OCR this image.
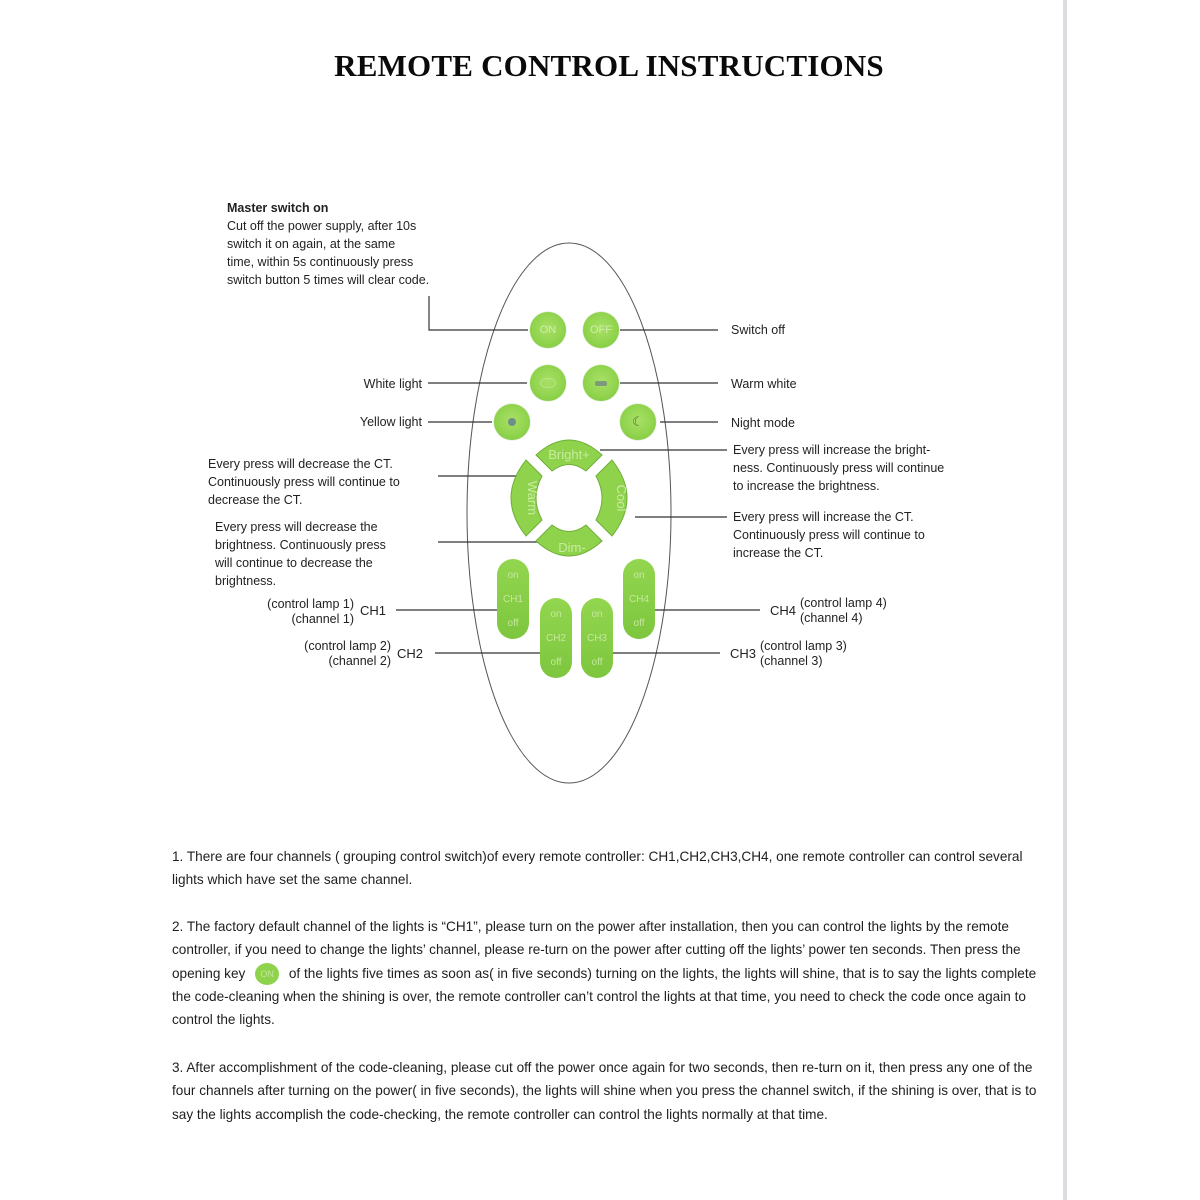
REMOTE CONTROL INSTRUCTIONS
Bright+
Dim-
Warm	Cool
Master switch on
Cut off the power supply, after 10s
switch it on again, at the same
time, within 5s continuously press
switch button 5 times will clear code.
ON	OFF
☾
on
CH1
off
on
CH2
off
on
CH3
off
on
CH4
off
Switch off
Warm white
Night mode
Every press will increase the bright-
ness. Continuously press will continue
to increase the brightness.
Every press will increase the CT.
Continuously press will continue to
increase the CT.
White light
Yellow light
Every press will decrease the CT.
Continuously press will continue to
decrease the CT.
Every press will decrease the
brightness. Continuously press
will continue to decrease the
brightness.
(control lamp 1)
(channel 1)
CH1
(control lamp 2)
(channel 2) CH2	CH3 (control lamp 3)
(channel 3)
CH4 (control lamp 4)
(channel 4)
1. There are four channels ( grouping control switch)of every remote controller: CH1,CH2,CH3,CH4, one remote controller can control several lights which have set the same channel.
2. The factory default channel of the lights is “CH1”, please turn on the power after installation, then you can control the lights by the remote controller, if you need to change the lights’ channel, please re-turn on the power after cutting off the lights’ power ten seconds. Then press the opening key ON of the lights five times as soon as( in five seconds) turning on the lights, the lights will shine, that is to say the lights complete the code-cleaning when the shining is over, the remote controller can’t control the lights at that time, you need to check the code once again to control the lights.
3. After accomplishment of the code-cleaning, please cut off the power once again for two seconds, then re-turn on it, then press any one of the four channels after turning on the power( in five seconds), the lights will shine when you press the channel switch, if the shining is over, that is to say the lights accomplish the code-checking, the remote controller can control the lights normally at that time.
